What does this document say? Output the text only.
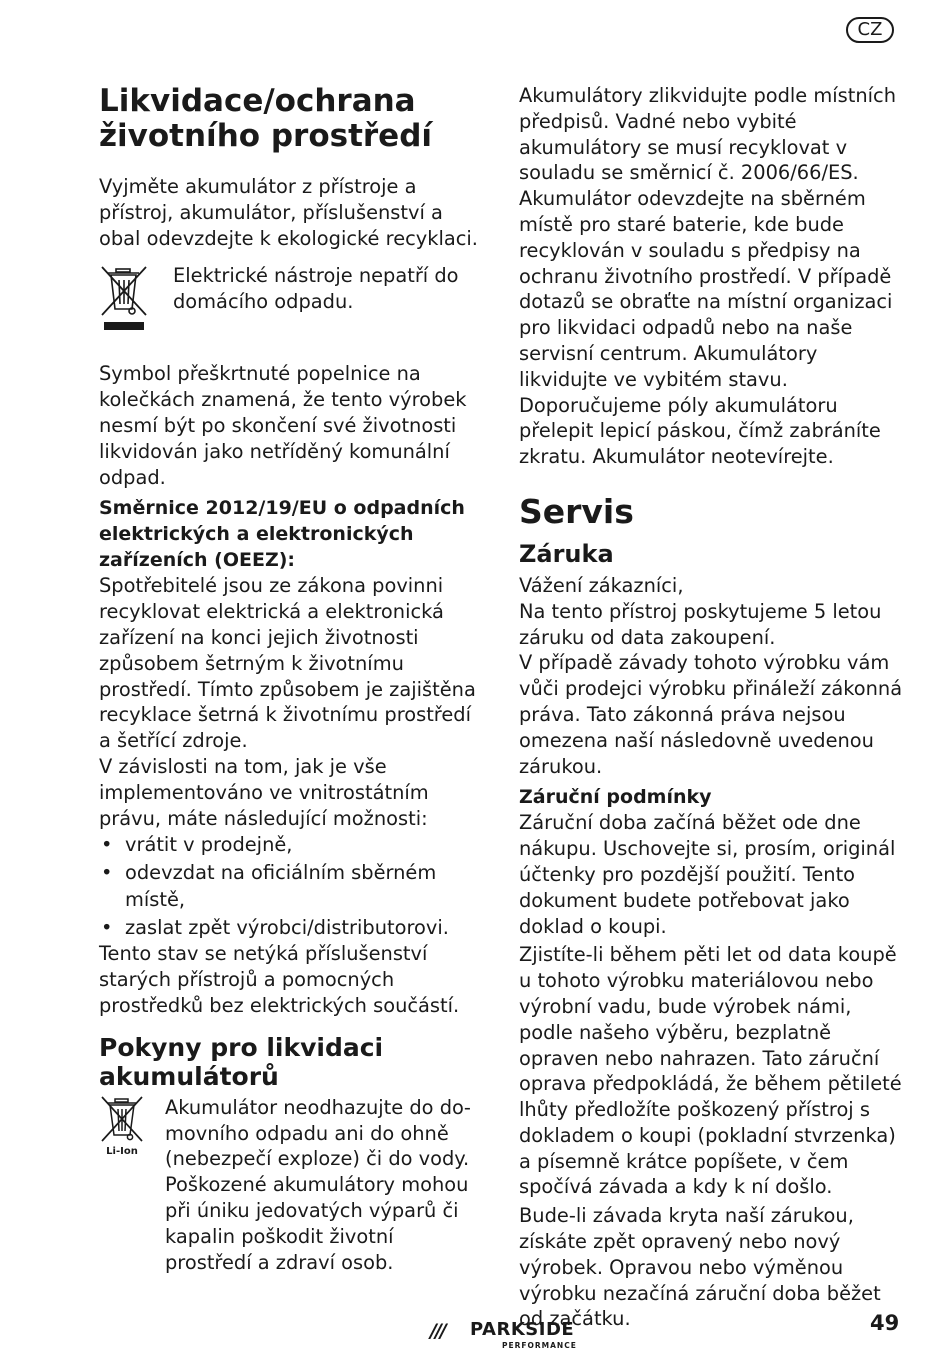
CZ
Likvidace/ochrana životního prostředí

Vyjměte akumulátor z přístroje a přístroj, akumulátor, příslušenství a obal odevzdejte k ekologické recyklaci.

Elektrické nástroje nepatří do domácího odpadu.

Symbol přeškrtnuté popelnice na kolečkách znamená, že tento výrobek nesmí být po skončení své životnosti likvidován jako netříděný komunální odpad.

Směrnice 2012/19/EU o odpadních elektrických a elektronických zařízeních (OEEZ):

Spotřebitelé jsou ze zákona povinni recyklovat elektrická a elektronická zařízení na konci jejich životnosti způsobem šetrným k životnímu prostředí. Tímto způsobem je zajištěna recyklace šetrná k životnímu prostředí a šetřící zdroje.

V závislosti na tom, jak je vše implementováno ve vnitrostátním právu, máte následující možnosti:

• vrátit v prodejně,
• odevzdat na oficiálním sběrném místě,
• zaslat zpět výrobci/distributorovi.

Tento stav se netýká příslušenství starých přístrojů a pomocných prostředků bez elektrických součástí.

Pokyny pro likvidaci akumulátorů
Li-Ion

Akumulátor neodhazujte do domovního odpadu ani do ohně (nebezpečí exploze) či do vody. Poškozené akumulátory mohou při úniku jedovatých výparů či kapalin poškodit životní prostředí a zdraví osob.

Akumulátory zlikvidujte podle místních předpisů. Vadné nebo vybité akumulátory se musí recyklovat v souladu se směrnicí č. 2006/66/ES. Akumulátor odevzdejte na sběrném místě pro staré baterie, kde bude recyklován v souladu s předpisy na ochranu životního prostředí. V případě dotazů se obraťte na místní organizaci pro likvidaci odpadů nebo na naše servisní centrum. Akumulátory likvidujte ve vybitém stavu. Doporučujeme póly akumulátoru přelepit lepicí páskou, čímž zabráníte zkratu. Akumulátor neotevírejte.

Servis
Záruka

Vážení zákazníci,

Na tento přístroj poskytujeme 5 letou záruku od data zakoupení.

V případě závady tohoto výrobku vám vůči prodejci výrobku přináleží zákonná práva. Tato zákonná práva nejsou omezena naší následovně uvedenou zárukou.

Záruční podmínky

Záruční doba začíná běžet ode dne nákupu. Uschovejte si, prosím, originál účtenky pro pozdější použití. Tento dokument budete potřebovat jako doklad o koupi.

Zjistíte-li během pěti let od data koupě u tohoto výrobku materiálovou nebo výrobní vadu, bude výrobek námi, podle našeho výběru, bezplatně opraven nebo nahrazen. Tato záruční oprava předpokládá, že během pětileté lhůty předložíte poškozený přístroj s dokladem o koupi (pokladní stvrzenka) a písemně krátce popíšete, v čem spočívá závada a kdy k ní došlo.

Bude-li závada kryta naší zárukou, získáte zpět opravený nebo nový výrobek. Opravou nebo výměnou výrobku nezačíná záruční doba běžet od začátku.

/// PARKSIDE
PERFORMANCE
49
